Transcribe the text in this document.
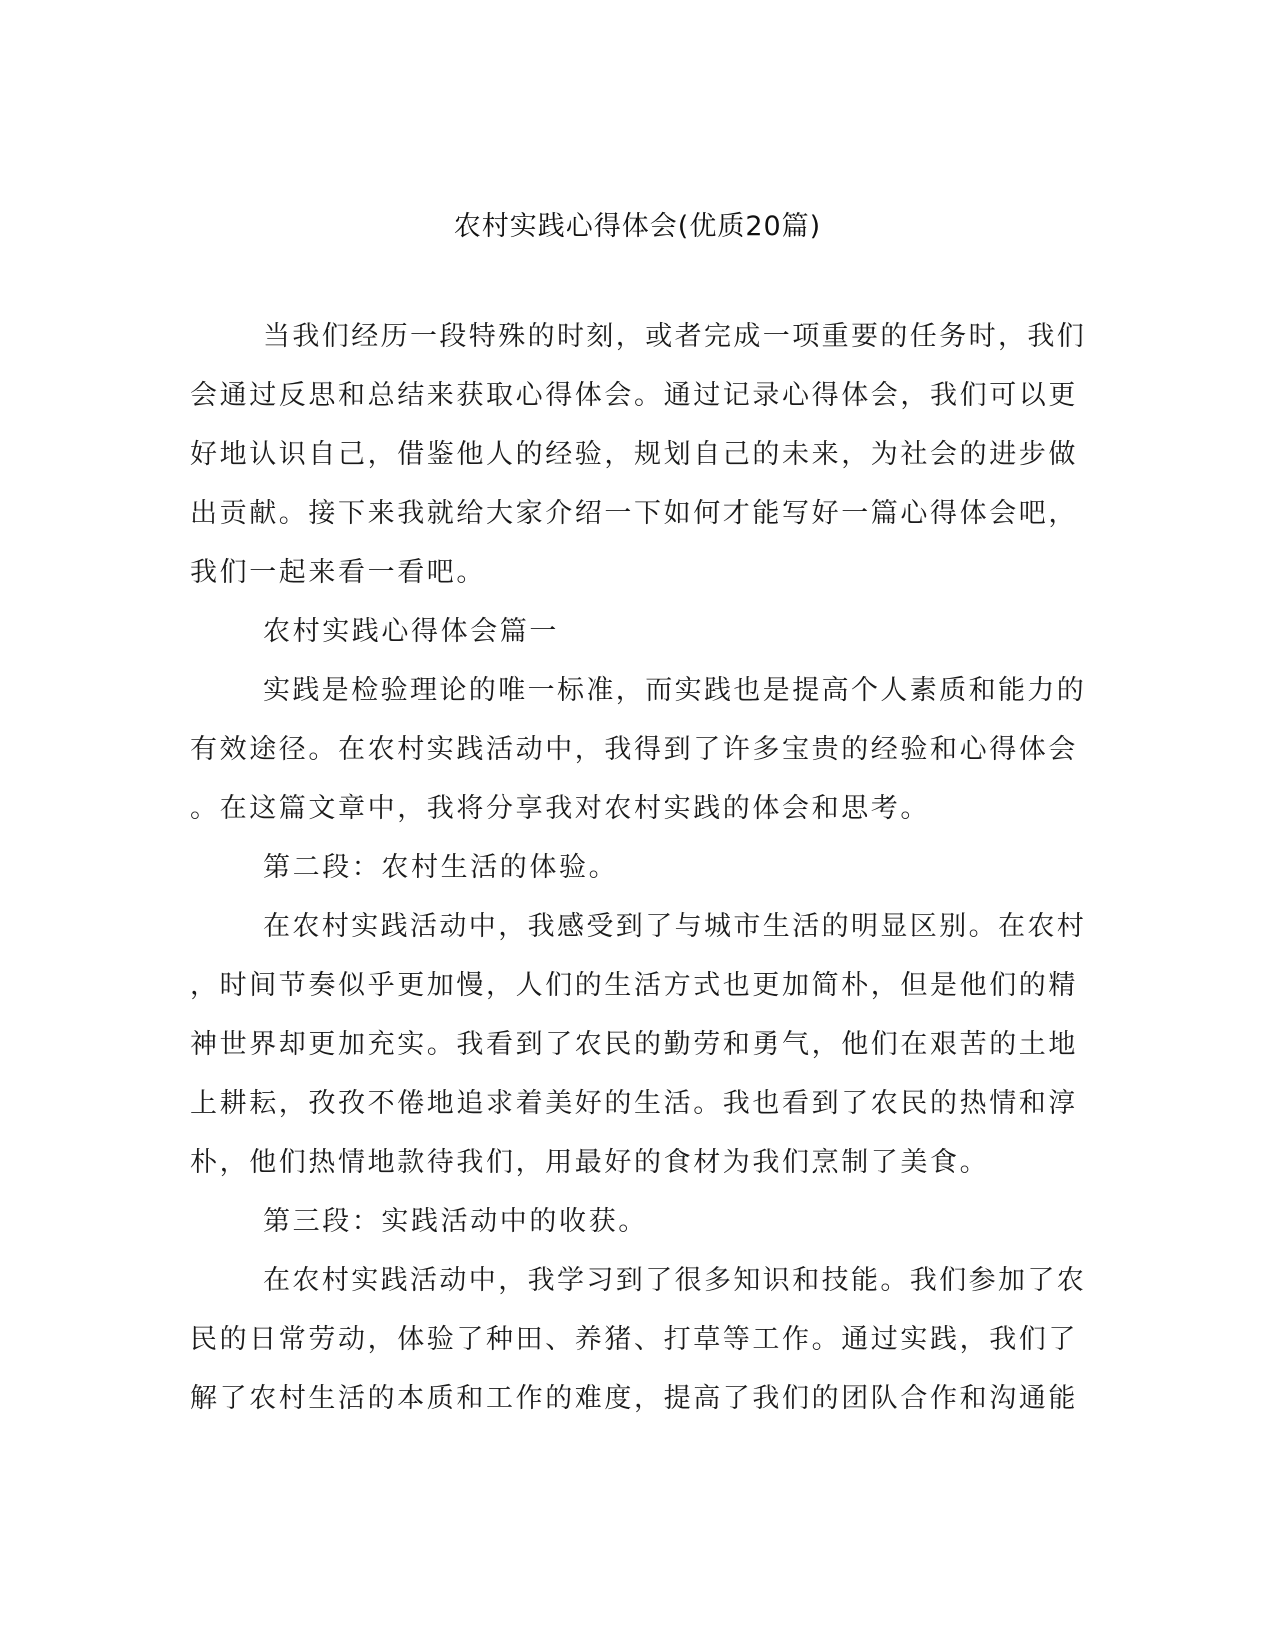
农村实践心得体会(优质20篇)
当我们经历一段特殊的时刻，或者完成一项重要的任务时，我们
会通过反思和总结来获取心得体会。通过记录心得体会，我们可以更
好地认识自己，借鉴他人的经验，规划自己的未来，为社会的进步做
出贡献。接下来我就给大家介绍一下如何才能写好一篇心得体会吧，
我们一起来看一看吧。
农村实践心得体会篇一
实践是检验理论的唯一标准，而实践也是提高个人素质和能力的
有效途径。在农村实践活动中，我得到了许多宝贵的经验和心得体会
。在这篇文章中，我将分享我对农村实践的体会和思考。
第二段：农村生活的体验。
在农村实践活动中，我感受到了与城市生活的明显区别。在农村
，时间节奏似乎更加慢，人们的生活方式也更加简朴，但是他们的精
神世界却更加充实。我看到了农民的勤劳和勇气，他们在艰苦的土地
上耕耘，孜孜不倦地追求着美好的生活。我也看到了农民的热情和淳
朴，他们热情地款待我们，用最好的食材为我们烹制了美食。
第三段：实践活动中的收获。
在农村实践活动中，我学习到了很多知识和技能。我们参加了农
民的日常劳动，体验了种田、养猪、打草等工作。通过实践，我们了
解了农村生活的本质和工作的难度，提高了我们的团队合作和沟通能
